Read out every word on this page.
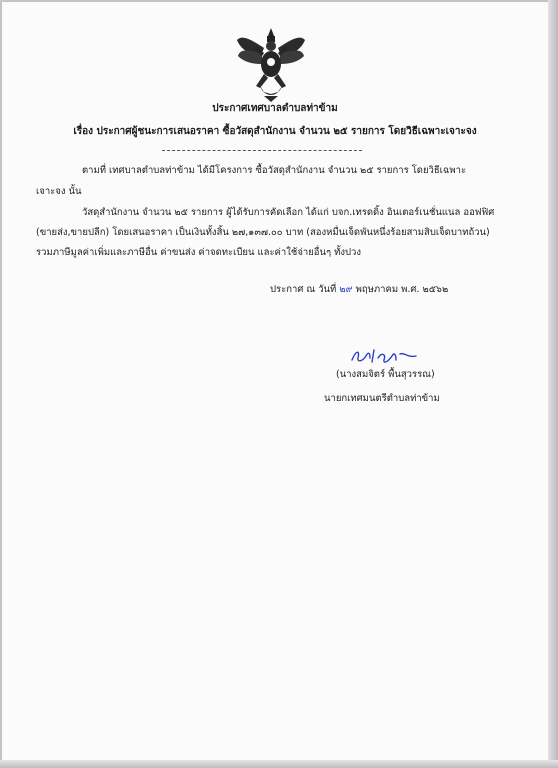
ประกาศเทศบาลตำบลท่าข้าม
เรื่อง ประกาศผู้ชนะการเสนอราคา ซื้อวัสดุสำนักงาน จำนวน ๒๕ รายการ โดยวิธีเฉพาะเจาะจง
ตามที่ เทศบาลตำบลท่าข้าม ได้มีโครงการ ซื้อวัสดุสำนักงาน จำนวน ๒๕ รายการ โดยวิธีเฉพาะ
เจาะจง นั้น
วัสดุสำนักงาน จำนวน ๒๕ รายการ ผู้ได้รับการคัดเลือก ได้แก่ บจก.เทรดดิ้ง อินเตอร์เนชั่นแนล ออฟฟิศ
(ขายส่ง,ขายปลีก) โดยเสนอราคา เป็นเงินทั้งสิ้น ๒๗,๑๓๗.๐๐ บาท (สองหมื่นเจ็ดพันหนึ่งร้อยสามสิบเจ็ดบาทถ้วน)
รวมภาษีมูลค่าเพิ่มและภาษีอื่น ค่าขนส่ง ค่าจดทะเบียน และค่าใช้จ่ายอื่นๆ ทั้งปวง
ประกาศ ณ วันที่ ๒๙ พฤษภาคม พ.ศ. ๒๕๖๒
(นางสมจิตร์ พื้นสุวรรณ)
นายกเทศมนตรีตำบลท่าข้าม
